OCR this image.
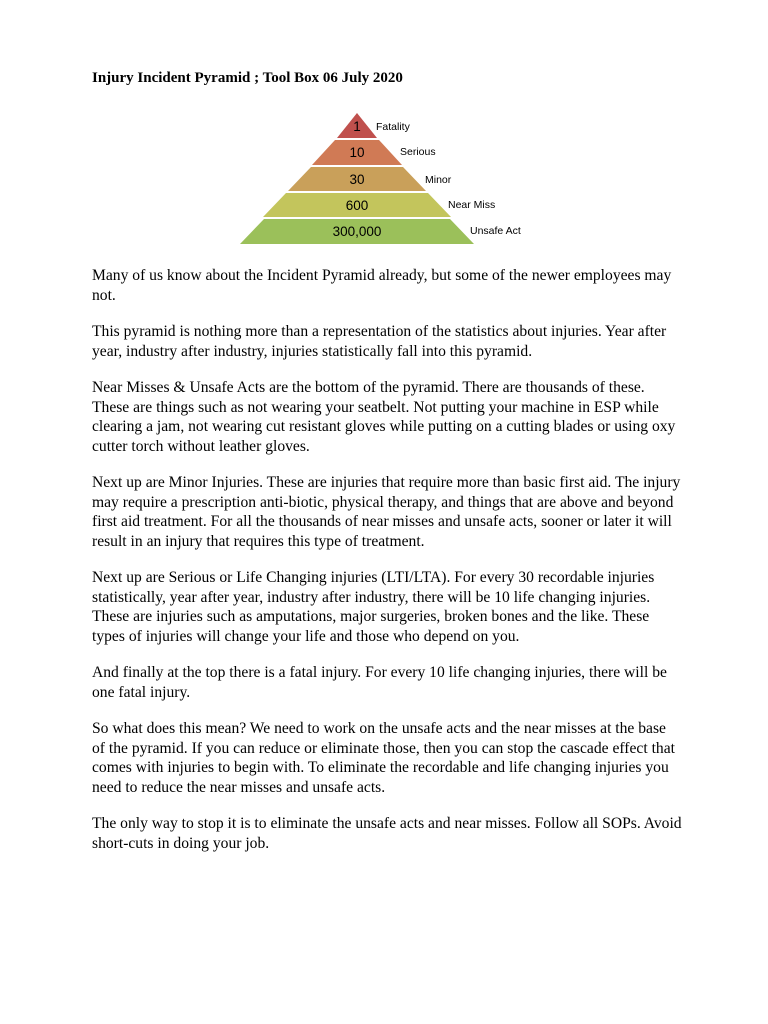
Injury Incident Pyramid ; Tool Box 06 July 2020
1
10
30
600
300,000
Fatality
Serious
Minor
Near Miss
Unsafe Act

Many of us know about the Incident Pyramid already, but some of the newer employees may not.

This pyramid is nothing more than a representation of the statistics about injuries. Year after year, industry after industry, injuries statistically fall into this pyramid.

Near Misses & Unsafe Acts are the bottom of the pyramid. There are thousands of these. These are things such as not wearing your seatbelt. Not putting your machine in ESP while clearing a jam, not wearing cut resistant gloves while putting on a cutting blades or using oxy cutter torch without leather gloves.

Next up are Minor Injuries. These are injuries that require more than basic first aid. The injury may require a prescription anti-biotic, physical therapy, and things that are above and beyond first aid treatment. For all the thousands of near misses and unsafe acts, sooner or later it will result in an injury that requires this type of treatment.

Next up are Serious or Life Changing injuries (LTI/LTA). For every 30 recordable injuries statistically, year after year, industry after industry, there will be 10 life changing injuries. These are injuries such as amputations, major surgeries, broken bones and the like. These types of injuries will change your life and those who depend on you.

And finally at the top there is a fatal injury. For every 10 life changing injuries, there will be one fatal injury.

So what does this mean? We need to work on the unsafe acts and the near misses at the base of the pyramid. If you can reduce or eliminate those, then you can stop the cascade effect that comes with injuries to begin with. To eliminate the recordable and life changing injuries you need to reduce the near misses and unsafe acts.

The only way to stop it is to eliminate the unsafe acts and near misses. Follow all SOPs. Avoid short-cuts in doing your job.
